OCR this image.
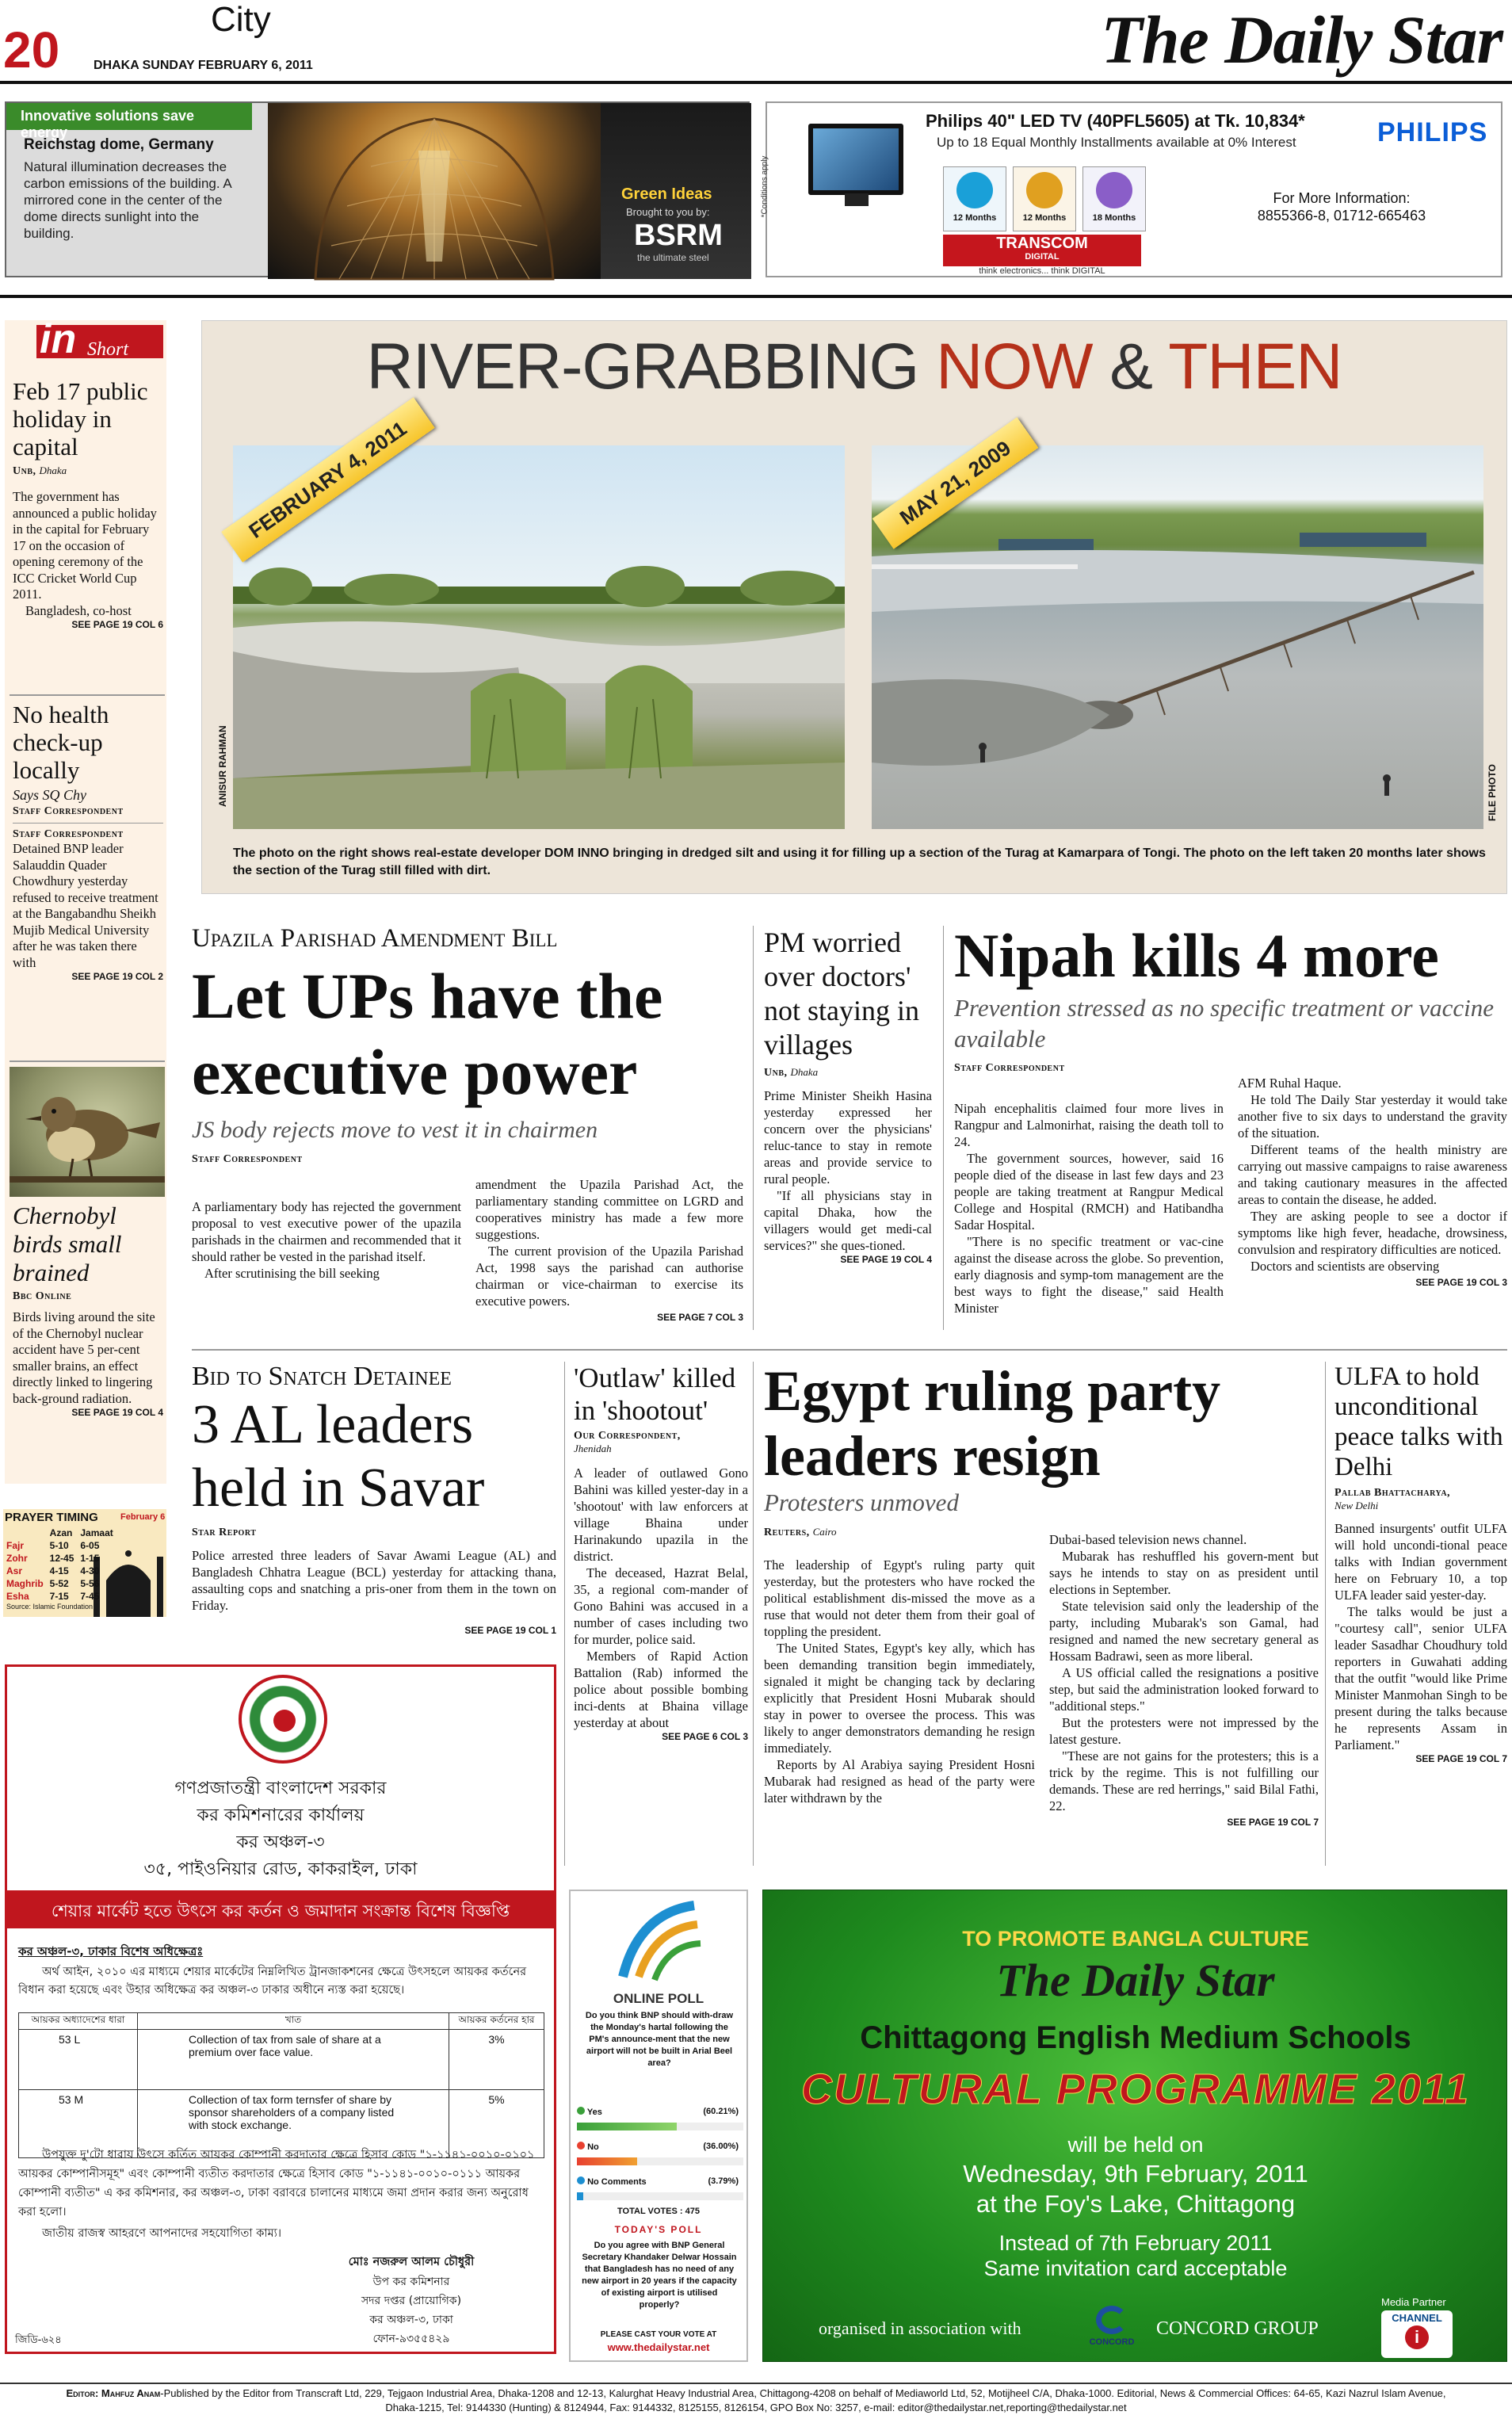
20
City
DHAKA SUNDAY FEBRUARY 6, 2011	The Daily Star
Innovative solutions save energy
Reichstag dome, Germany
Natural illumination decreases the carbon emissions of the building. A mirrored cone in the center of the dome directs sunlight into the building.
Green Ideas
Brought to you by:
BSRM
the ultimate steel
*Conditions apply
Philips 40" LED TV (40PFL5605) at Tk. 10,834*
Up to 18 Equal Monthly Installments available at 0% Interest	PHILIPS
12 Months	12 Months	18 Months
For More Information:
8855366-8, 01712-665463
TRANSCOM
DIGITAL
think electronics... think DIGITAL
in Short
Feb 17 public holiday in capital
Unb, Dhaka
The government has announced a public holiday in the capital for February 17 on the occasion of opening ceremony of the ICC Cricket World Cup 2011.
Bangladesh, co-host
SEE PAGE 19 COL 6
No health check-up locally
Says SQ Chy
Staff Correspondent
Staff Correspondent
Detained BNP leader Salauddin Quader Chowdhury yesterday refused to receive treatment at the Bangabandhu Sheikh Mujib Medical University after he was taken there with
SEE PAGE 19 COL 2
Chernobyl birds small brained
Bbc Online
Birds living around the site of the Chernobyl nuclear accident have 5 per-cent smaller brains, an effect directly linked to lingering back-ground radiation.
SEE PAGE 19 COL 4
PRAYER TIMING	February 6
	Azan	Jamaat
Fajr	5-10	6-05
Zohr	12-45	1-15
Asr	4-15	4-30
Maghrib	5-52	5-56
Esha	7-15	7-45
Source: Islamic Foundation
RIVER-GRABBING NOW & THEN
FEBRUARY 4, 2011	MAY 21, 2009
ANISUR RAHMAN	FILE PHOTO
The photo on the right shows real-estate developer DOM INNO bringing in dredged silt and using it for filling up a section of the Turag at Kamarpara of Tongi. The photo on the left taken 20 months later shows the section of the Turag still filled with dirt.
Upazila Parishad Amendment Bill
Let UPs have the executive power
JS body rejects move to vest it in chairmen
Staff Correspondent

A parliamentary body has rejected the government proposal to vest executive power of the upazila parishads in the chairmen and recommended that it should rather be vested in the parishad itself.

After scrutinising the bill seeking

amendment the Upazila Parishad Act, the parliamentary standing committee on LGRD and cooperatives ministry has made a few more suggestions.

The current provision of the Upazila Parishad Act, 1998 says the parishad can authorise chairman or vice-chairman to exercise its executive powers.

SEE PAGE 7 COL 3
PM worried over doctors' not staying in villages
Unb, Dhaka

Prime Minister Sheikh Hasina yesterday expressed her concern over the physicians' reluc-tance to stay in remote areas and provide service to rural people.

"If all physicians stay in capital Dhaka, how the villagers would get medi-cal services?" she ques-tioned.

SEE PAGE 19 COL 4
Nipah kills 4 more
Prevention stressed as no specific treatment or vaccine available
Staff Correspondent

Nipah encephalitis claimed four more lives in Rangpur and Lalmonirhat, raising the death toll to 24.

The government sources, however, said 16 people died of the disease in last few days and 23 people are taking treatment at Rangpur Medical College and Hospital (RMCH) and Hatibandha Sadar Hospital.

"There is no specific treatment or vac-cine against the disease across the globe. So prevention, early diagnosis and symp-tom management are the best ways to fight the disease," said Health Minister

AFM Ruhal Haque.

He told The Daily Star yesterday it would take another five to six days to understand the gravity of the situation.

Different teams of the health ministry are carrying out massive campaigns to raise awareness and taking cautionary measures in the affected areas to contain the disease, he added.

They are asking people to see a doctor if symptoms like high fever, headache, drowsiness, convulsion and respiratory difficulties are noticed.

Doctors and scientists are observing

SEE PAGE 19 COL 3
Bid to Snatch Detainee
3 AL leaders held in Savar
Star Report
Police arrested three leaders of Savar Awami League (AL) and Bangladesh Chhatra League (BCL) yesterday for attacking thana, assaulting cops and snatching a pris-oner from them in the town on Friday.
SEE PAGE 19 COL 1
'Outlaw' killed in 'shootout'
Our Correspondent,
Jhenidah

A leader of outlawed Gono Bahini was killed yester-day in a 'shootout' with law enforcers at village Bhaina under Harinakundo upazila in the district.

The deceased, Hazrat Belal, 35, a regional com-mander of Gono Bahini was accused in a number of cases including two for murder, police said.

Members of Rapid Action Battalion (Rab) informed the police about possible bombing inci-dents at Bhaina village yesterday at about

SEE PAGE 6 COL 3
Egypt ruling party leaders resign
Protesters unmoved
Reuters, Cairo

The leadership of Egypt's ruling party quit yesterday, but the protesters who have rocked the political establishment dis-missed the move as a ruse that would not deter them from their goal of toppling the president.

The United States, Egypt's key ally, which has been demanding transition begin immediately, signaled it might be changing tack by declaring explicitly that President Hosni Mubarak should stay in power to oversee the process. This was likely to anger demonstrators demanding he resign immediately.

Reports by Al Arabiya saying President Hosni Mubarak had resigned as head of the party were later withdrawn by the

Dubai-based television news channel.

Mubarak has reshuffled his govern-ment but says he intends to stay on as president until elections in September.

State television said only the leadership of the party, including Mubarak's son Gamal, had resigned and named the new secretary general as Hossam Badrawi, seen as more liberal.

A US official called the resignations a positive step, but said the administration looked forward to "additional steps."

But the protesters were not impressed by the latest gesture.

"These are not gains for the protesters; this is a trick by the regime. This is not fulfilling our demands. These are red herrings," said Bilal Fathi, 22.

SEE PAGE 19 COL 7
ULFA to hold unconditional peace talks with Delhi
Pallab Bhattacharya,
New Delhi

Banned insurgents' outfit ULFA will hold uncondi-tional peace talks with Indian government here on February 10, a top ULFA leader said yester-day.

The talks would be just a "courtesy call", senior ULFA leader Sasadhar Choudhury told reporters in Guwahati adding that the outfit "would like Prime Minister Manmohan Singh to be present during the talks because he represents Assam in Parliament."

SEE PAGE 19 COL 7
গণপ্রজাতন্ত্রী বাংলাদেশ সরকার
কর কমিশনারের কার্যালয়
কর অঞ্চল-৩
৩৫, পাইওনিয়ার রোড, কাকরাইল, ঢাকা
শেয়ার মার্কেট হতে উৎসে কর কর্তন ও জমাদান সংক্রান্ত বিশেষ বিজ্ঞপ্তি
কর অঞ্চল-৩, ঢাকার বিশেষ অধিক্ষেত্রঃ
অর্থ আইন, ২০১০ এর মাধ্যমে শেয়ার মার্কেটের নিম্নলিখিত ট্রানজাকশনের ক্ষেত্রে উৎসহলে আয়কর কর্তনের বিধান করা হয়েছে এবং উহার অধিক্ষেত্র কর অঞ্চল-৩ ঢাকার অধীনে ন্যস্ত করা হয়েছে।
আয়কর অধ্যাদেশের ধারা	খাত	আয়কর কর্তনের হার
53 L	Collection of tax from sale of share at a premium over face value.	3%
53 M	Collection of tax form ternsfer of share by sponsor shareholders of a company listed with stock exchange.	5%
উপযুক্ত দু'টো ধারায় উৎসে কর্তিত আয়কর কোম্পানী করদাতার ক্ষেত্রে হিসাব কোড "১-১১৪১-০০১০-০১০১ আয়কর কোম্পানীসমূহ" এবং কোম্পানী ব্যতীত করদাতার ক্ষেত্রে হিসাব কোড "১-১১৪১-০০১০-০১১১ আয়কর কোম্পানী ব্যতীত" এ কর কমিশনার, কর অঞ্চল-৩, ঢাকা বরাবরে চালানের মাধ্যমে জমা প্রদান করার জন্য অনুরোধ করা হলো।
জাতীয় রাজস্ব আহরণে আপনাদের সহযোগিতা কাম্য।
মোঃ নজরুল আলম চৌধুরী
উপ কর কমিশনার
সদর দপ্তর (প্রায়োগিক)
কর অঞ্চল-৩, ঢাকা
ফোন-৯৩৫৫৪২৯
জিডি-৬২৪
ONLINE POLL
Do you think BNP should with-draw the Monday's hartal following the PM's announce-ment that the new airport will not be built in Arial Beel area?
Yes	(60.21%)
No	(36.00%)
No Comments	(3.79%)
TOTAL VOTES : 475
TODAY'S POLL
Do you agree with BNP General Secretary Khandaker Delwar Hossain that Bangladesh has no need of any new airport in 20 years if the capacity of existing airport is utilised properly?
PLEASE CAST YOUR VOTE AT
www.thedailystar.net
TO PROMOTE BANGLA CULTURE
The Daily Star
Chittagong English Medium Schools
CULTURAL PROGRAMME 2011
will be held on
Wednesday, 9th February, 2011
at the Foy's Lake, Chittagong
Instead of 7th February 2011
Same invitation card acceptable
organised in association with
CONCORD
CONCORD GROUP
Media Partner
CHANNEL
i
Editor: Mahfuz Anam-Published by the Editor from Transcraft Ltd, 229, Tejgaon Industrial Area, Dhaka-1208 and 12-13, Kalurghat Heavy Industrial Area, Chittagong-4208 on behalf of Mediaworld Ltd, 52, Motijheel C/A, Dhaka-1000. Editorial, News & Commercial Offices: 64-65, Kazi Nazrul Islam Avenue,
Dhaka-1215, Tel: 9144330 (Hunting) & 8124944, Fax: 9144332, 8125155, 8126154, GPO Box No: 3257, e-mail: editor@thedailystar.net,reporting@thedailystar.net
